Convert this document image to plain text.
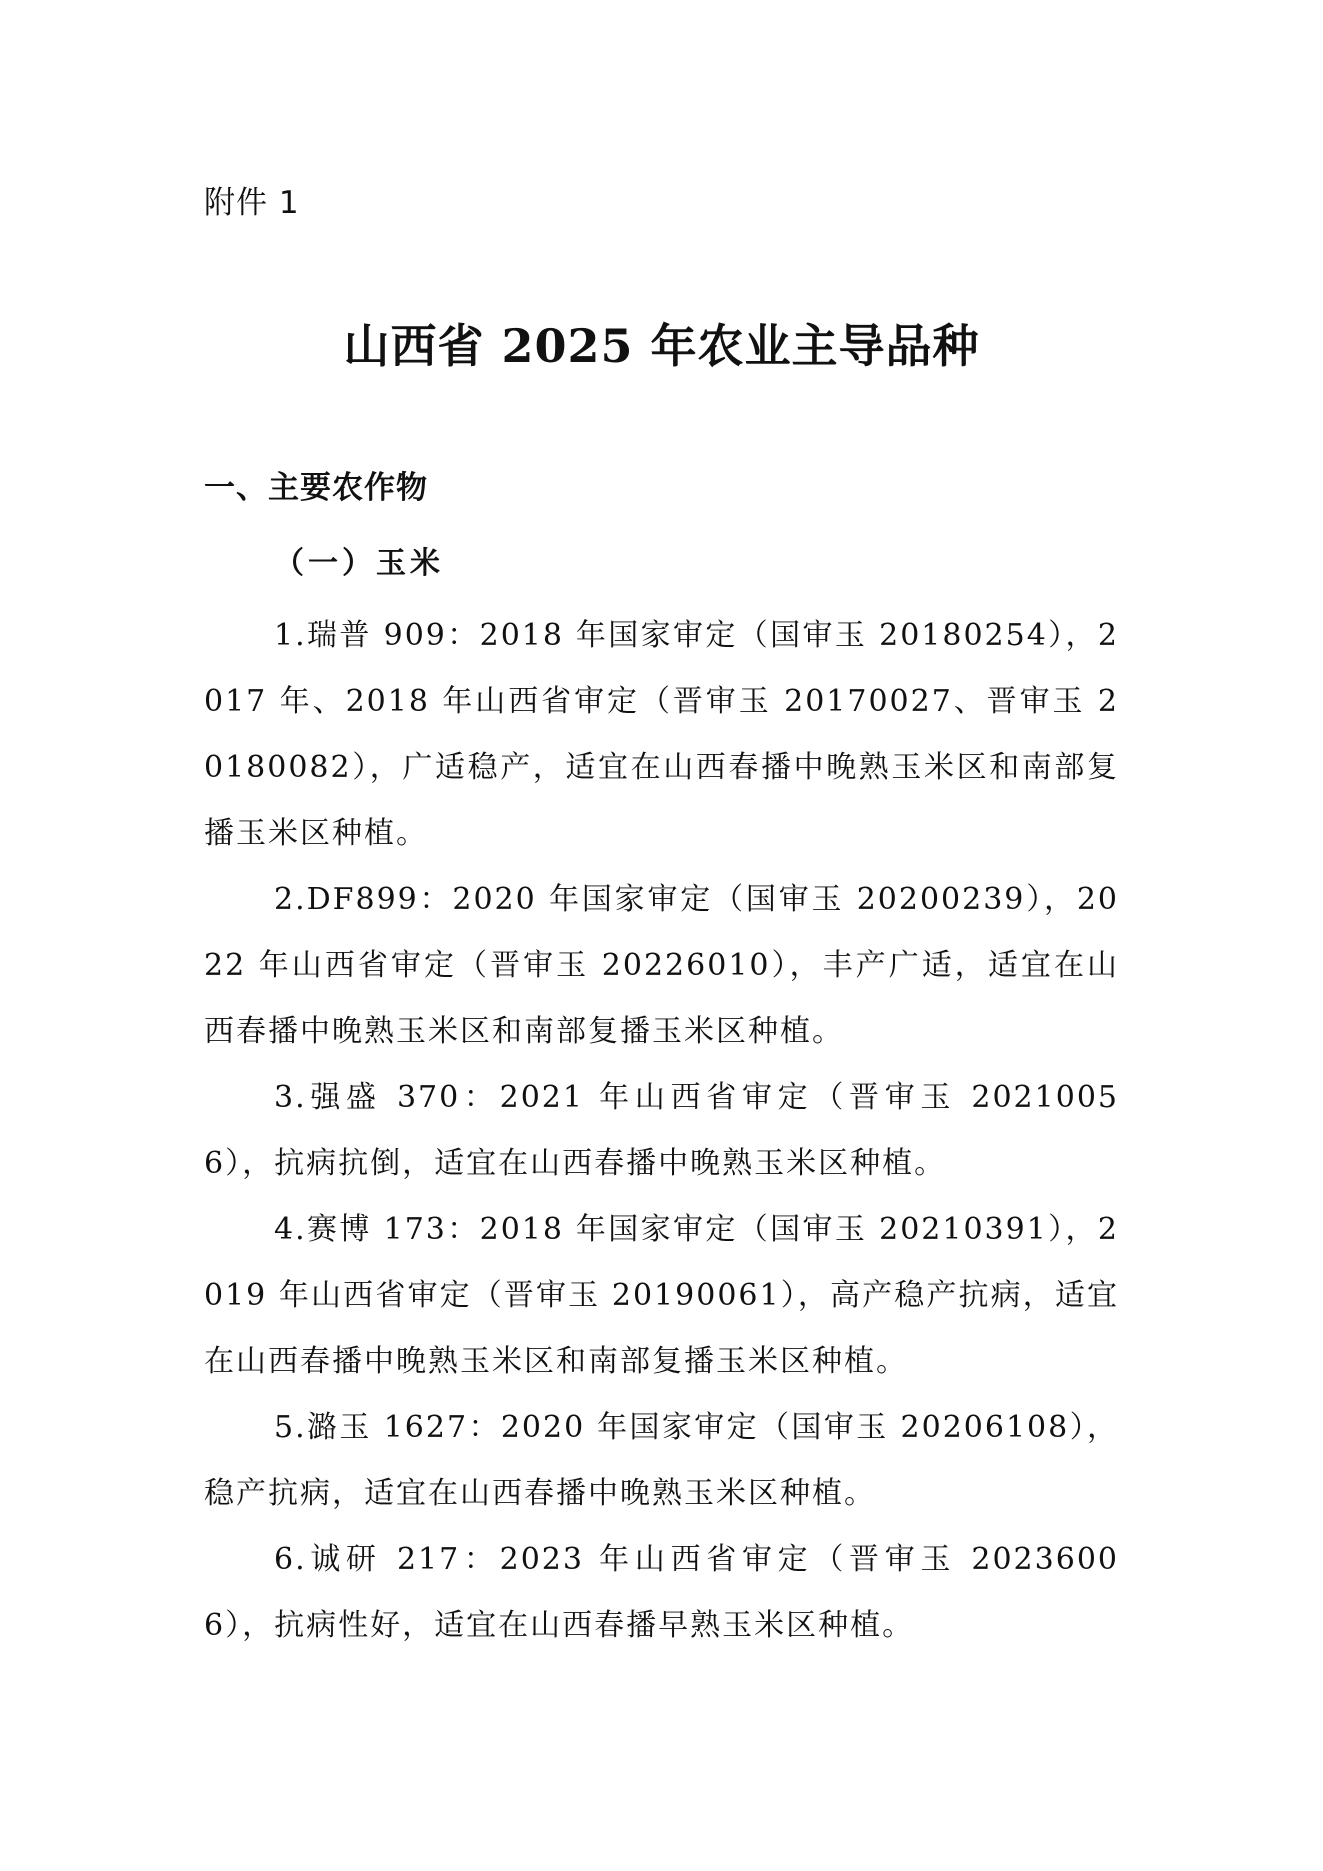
附件 1

山西省 2025 年农业主导品种
一、主要农作物
（一）玉米
1.瑞普 909：2018 年国家审定（国审玉 20180254），2017 年、2018 年山西省审定（晋审玉 20170027、晋审玉 20180082），广适稳产，适宜在山西春播中晚熟玉米区和南部复播玉米区种植。
2.DF899：2020 年国家审定（国审玉 20200239），2022 年山西省审定（晋审玉 20226010），丰产广适，适宜在山西春播中晚熟玉米区和南部复播玉米区种植。
3.强盛 370：2021 年山西省审定（晋审玉 20210056），抗病抗倒，适宜在山西春播中晚熟玉米区种植。
4.赛博 173：2018 年国家审定（国审玉 20210391），2019 年山西省审定（晋审玉 20190061），高产稳产抗病，适宜在山西春播中晚熟玉米区和南部复播玉米区种植。
5.潞玉 1627：2020 年国家审定（国审玉 20206108），稳产抗病，适宜在山西春播中晚熟玉米区种植。
6.诚研 217：2023 年山西省审定（晋审玉 20236006），抗病性好，适宜在山西春播早熟玉米区种植。
